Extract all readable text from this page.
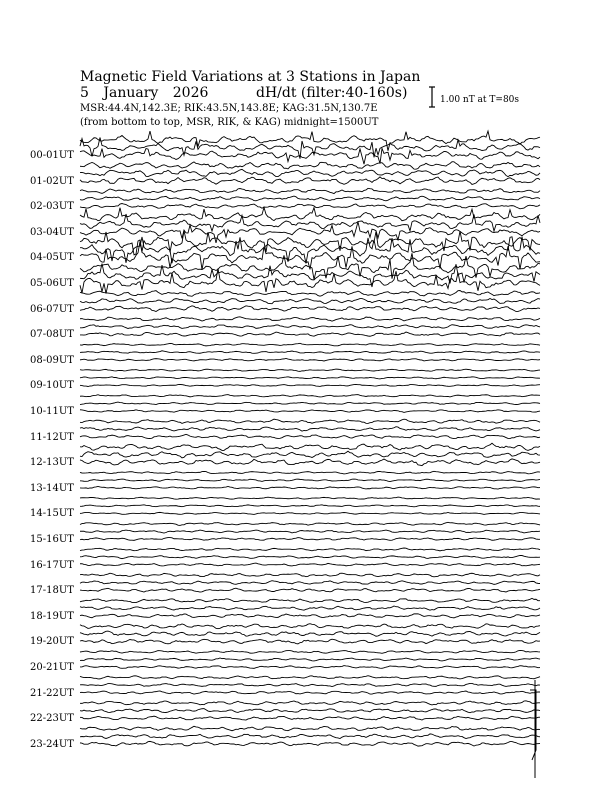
Magnetic Field Variations at 3 Stations in Japan
5 January 2026	dH/dt (filter:40-160s)
MSR:44.4N,142.3E; RIK:43.5N,143.8E; KAG:31.5N,130.7E
(from bottom to top, MSR, RIK, & KAG) midnight=1500UT
1.00 nT at T=80s
00-01UT
01-02UT
02-03UT
03-04UT
04-05UT
05-06UT
06-07UT
07-08UT
08-09UT
09-10UT
10-11UT
11-12UT
12-13UT
13-14UT
14-15UT
15-16UT
16-17UT
17-18UT
18-19UT
19-20UT
20-21UT
21-22UT
22-23UT
23-24UT
